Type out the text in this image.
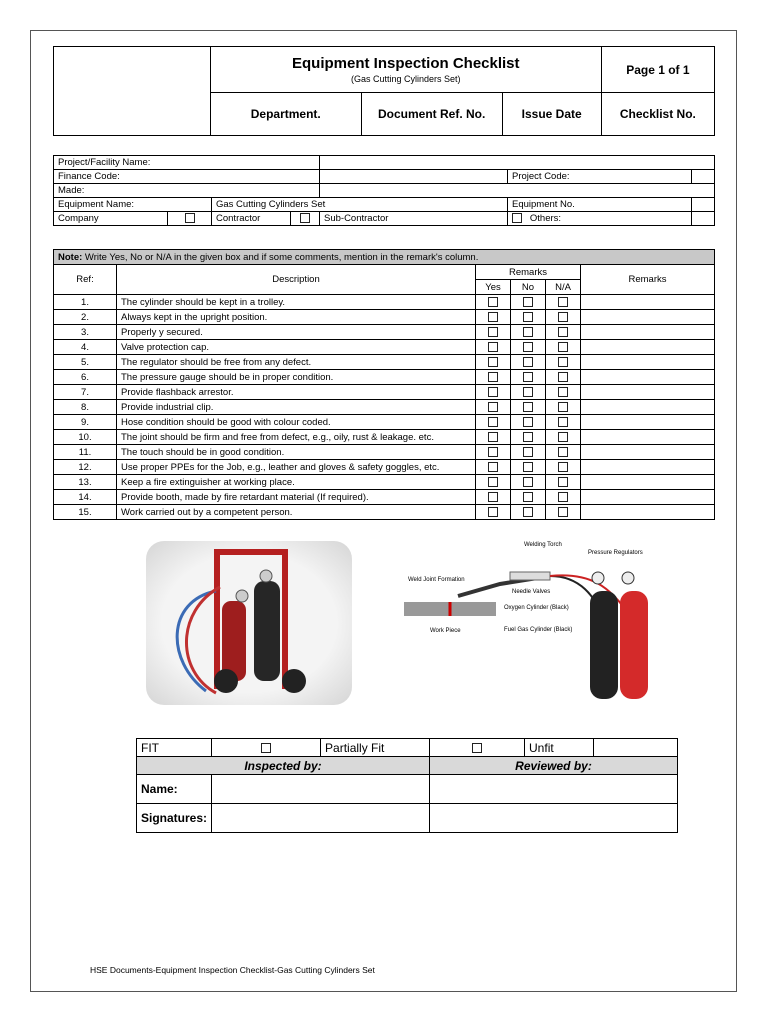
	Equipment Inspection Checklist
(Gas Cutting Cylinders Set)			Page 1 of 1
	Department.	Document Ref. No.	Issue Date	Checklist No.
Project/Facility Name:						
Finance Code:					Project Code:	
Made:						
Equipment Name:		Gas Cutting Cylinders Set			Equipment No.	
Company		Contractor		Sub-Contractor	Others:	
Note: Write Yes, No or N/A in the given box and if some comments, mention in the remark's column.					
Ref:	Description	Remarks			Remarks
		Yes	No	N/A	
1.	The cylinder should be kept in a trolley.				
2.	Always kept in the upright position.				
3.	Properly y secured.				
4.	Valve protection cap.				
5.	The regulator should be free from any defect.				
6.	The pressure gauge should be in proper condition.				
7.	Provide flashback arrestor.				
8.	Provide industrial clip.				
9.	Hose condition should be good with colour coded.				
10.	The joint should be firm and free from defect, e.g., oily, rust & leakage. etc.				
11.	The touch should be in good condition.				
12.	Use proper PPEs for the Job, e.g., leather and gloves & safety goggles, etc.				
13.	Keep a fire extinguisher at working place.				
14.	Provide booth, made by fire retardant material (If required).				
15.	Work carried out by a competent person.				
Welding Torch
Pressure Regulators
Weld Joint Formation
Needle Valves
Oxygen Cylinder (Black)
Fuel Gas Cylinder (Black)
Work Piece
FIT		Partially Fit		Unfit	
Inspected by:			Reviewed by:		
Name:					
Signatures:					
HSE Documents-Equipment Inspection Checklist-Gas Cutting Cylinders Set
